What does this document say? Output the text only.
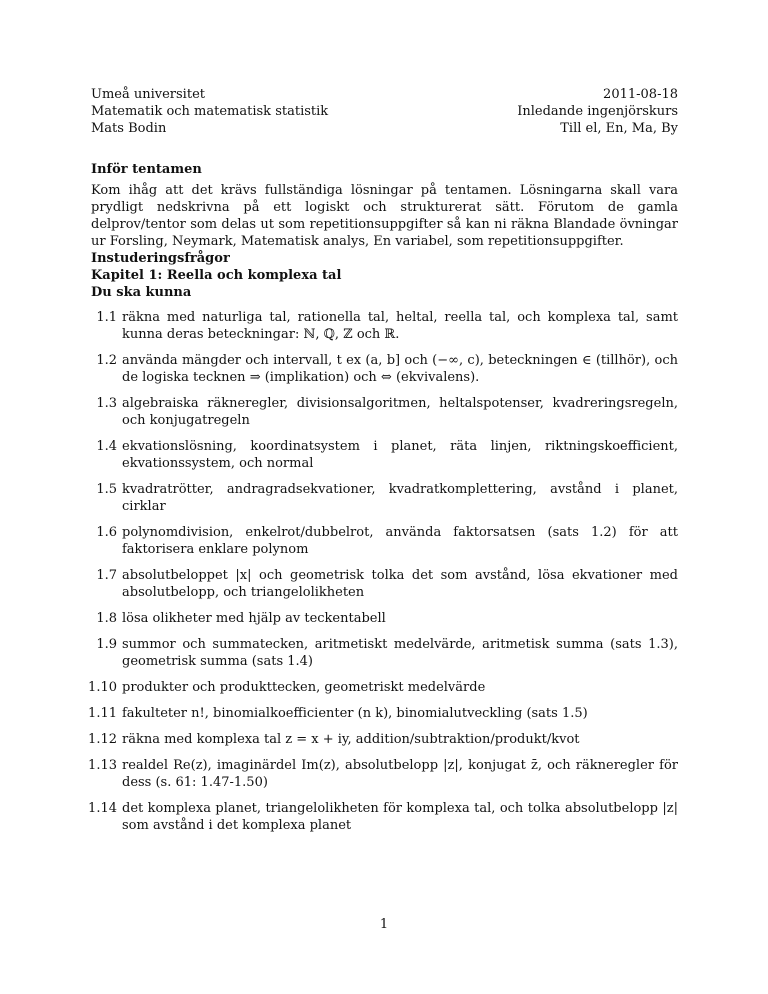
Umeå universitet
Matematik och matematisk statistik
Mats Bodin
2011-08-18
Inledande ingenjörskurs
Till el, En, Ma, By
Inför tentamen

Kom ihåg att det krävs fullständiga lösningar på tentamen. Lösningarna skall vara prydligt nedskrivna på ett logiskt och strukturerat sätt. Förutom de gamla delprov/tentor som delas ut som repetitionsuppgifter så kan ni räkna Blandade övningar ur Forsling, Neymark, Matematisk analys, En variabel, som repetitionsuppgifter.

Instuderingsfrågor
Kapitel 1: Reella och komplexa tal
Du ska kunna
1.1 räkna med naturliga tal, rationella tal, heltal, reella tal, och komplexa tal, samt kunna deras beteckningar: ℕ, ℚ, ℤ och ℝ.
1.2 använda mängder och intervall, t ex (a, b] och (−∞, c), beteckningen ∈ (tillhör), och de logiska tecknen ⇒ (implikation) och ⇔ (ekvivalens).
1.3 algebraiska räkneregler, divisionsalgoritmen, heltalspotenser, kvadreringsregeln, och konjugatregeln
1.4 ekvationslösning, koordinatsystem i planet, räta linjen, riktningskoefficient, ekvationssystem, och normal
1.5 kvadratrötter, andragradsekvationer, kvadratkomplettering, avstånd i planet, cirklar
1.6 polynomdivision, enkelrot/dubbelrot, använda faktorsatsen (sats 1.2) för att faktorisera enklare polynom
1.7 absolutbeloppet |x| och geometrisk tolka det som avstånd, lösa ekvationer med absolutbelopp, och triangelolikheten
1.8 lösa olikheter med hjälp av teckentabell
1.9 summor och summatecken, aritmetiskt medelvärde, aritmetisk summa (sats 1.3), geometrisk summa (sats 1.4)
1.10 produkter och produkttecken, geometriskt medelvärde
1.11 fakulteter n!, binomialkoefficienter (n k), binomialutveckling (sats 1.5)
1.12 räkna med komplexa tal z = x + iy, addition/subtraktion/produkt/kvot
1.13 realdel Re(z), imaginärdel Im(z), absolutbelopp |z|, konjugat z̄, och räkneregler för dess (s. 61: 1.47-1.50)
1.14 det komplexa planet, triangelolikheten för komplexa tal, och tolka absolutbelopp |z| som avstånd i det komplexa planet
1
